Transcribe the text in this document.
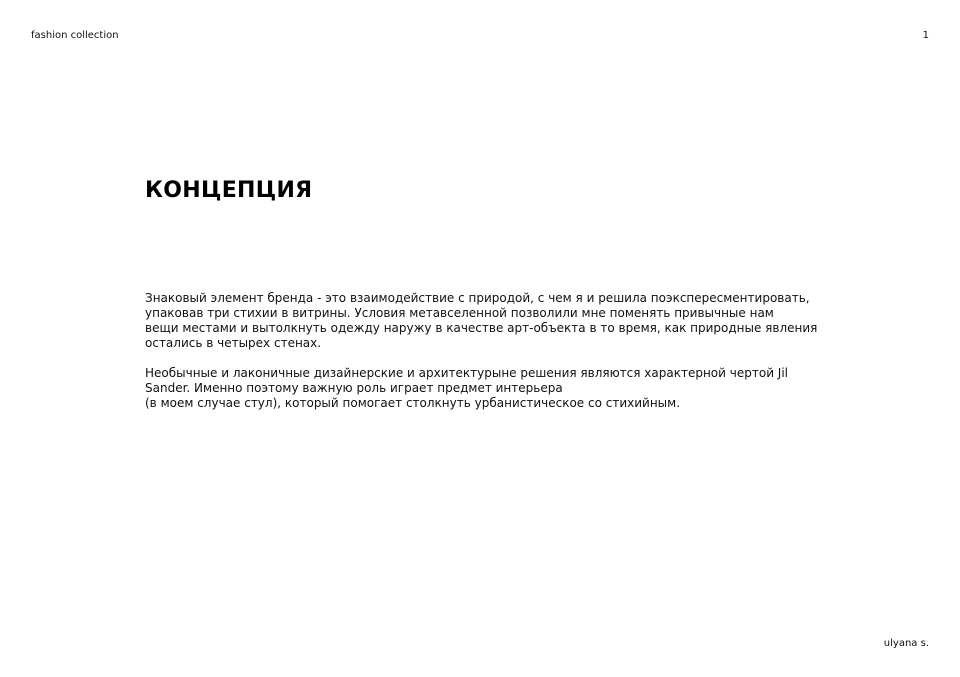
fashion collection	1
КОНЦЕПЦИЯ
Знаковый элемент бренда - это взаимодействие с природой, с чем я и решила поэкспересментировать,
упаковав три стихии в витрины. Условия метавселенной позволили мне поменять привычные нам
вещи местами и вытолкнуть одежду наружу в качестве арт-объекта в то время, как природные явления
остались в четырех стенах.
Необычные и лаконичные дизайнерские и архитектурыне решения являются характерной чертой Jil
Sander. Именно поэтому важную роль играет предмет интерьера
(в моем случае стул), который помогает столкнуть урбанистическое со стихийным.
ulyana s.
